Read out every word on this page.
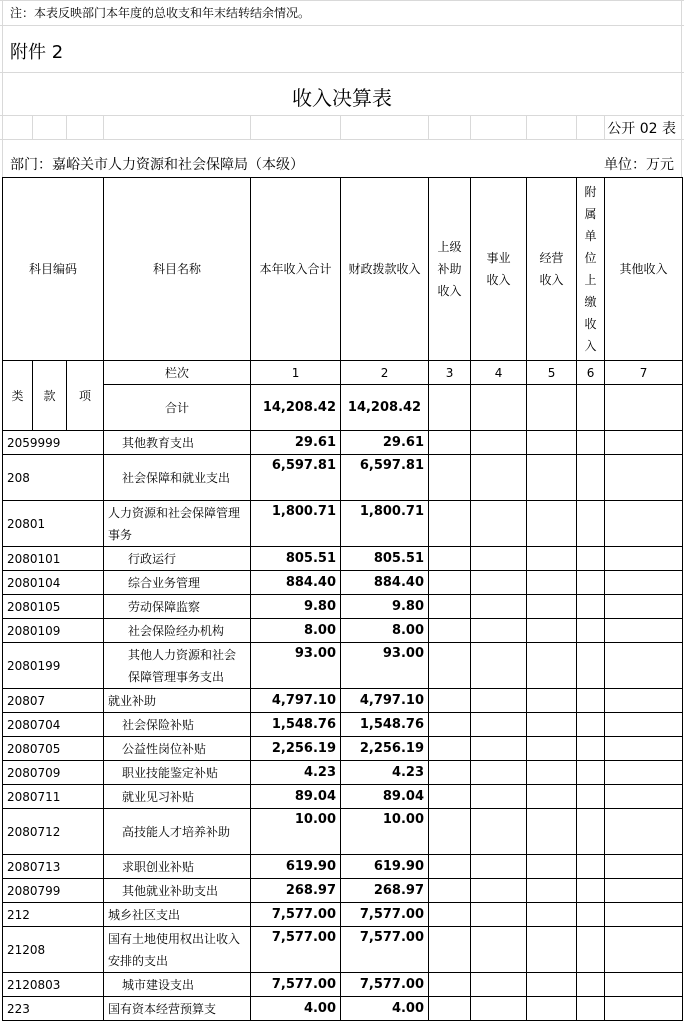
注：本表反映部门本年度的总收支和年末结转结余情况。
附件 2
收入决算表
公开 02 表
部门：嘉峪关市人力资源和社会保障局（本级）	单位：万元
科目编码			科目名称	本年收入合计	财政拨款收入	上级补助收入	事业收入	经营收入	附属单位上缴收入	其他收入
类	款	项	栏次	1	2	3	4	5	6	7
			合计	14,208.42	14,208.42					
2059999			其他教育支出	29.61	29.61					
208			社会保障和就业支出	6,597.81	6,597.81					
20801			人力资源和社会保障管理事务	1,800.71	1,800.71					
2080101			行政运行	805.51	805.51					
2080104			综合业务管理	884.40	884.40					
2080105			劳动保障监察	9.80	9.80					
2080109			社会保险经办机构	8.00	8.00					
2080199			其他人力资源和社会保障管理事务支出	93.00	93.00					
20807			就业补助	4,797.10	4,797.10					
2080704			社会保险补贴	1,548.76	1,548.76					
2080705			公益性岗位补贴	2,256.19	2,256.19					
2080709			职业技能鉴定补贴	4.23	4.23					
2080711			就业见习补贴	89.04	89.04					
2080712			高技能人才培养补助	10.00	10.00					
2080713			求职创业补贴	619.90	619.90					
2080799			其他就业补助支出	268.97	268.97					
212			城乡社区支出	7,577.00	7,577.00					
21208			国有土地使用权出让收入安排的支出	7,577.00	7,577.00					
2120803			城市建设支出	7,577.00	7,577.00					
223			国有资本经营预算支	4.00	4.00					
